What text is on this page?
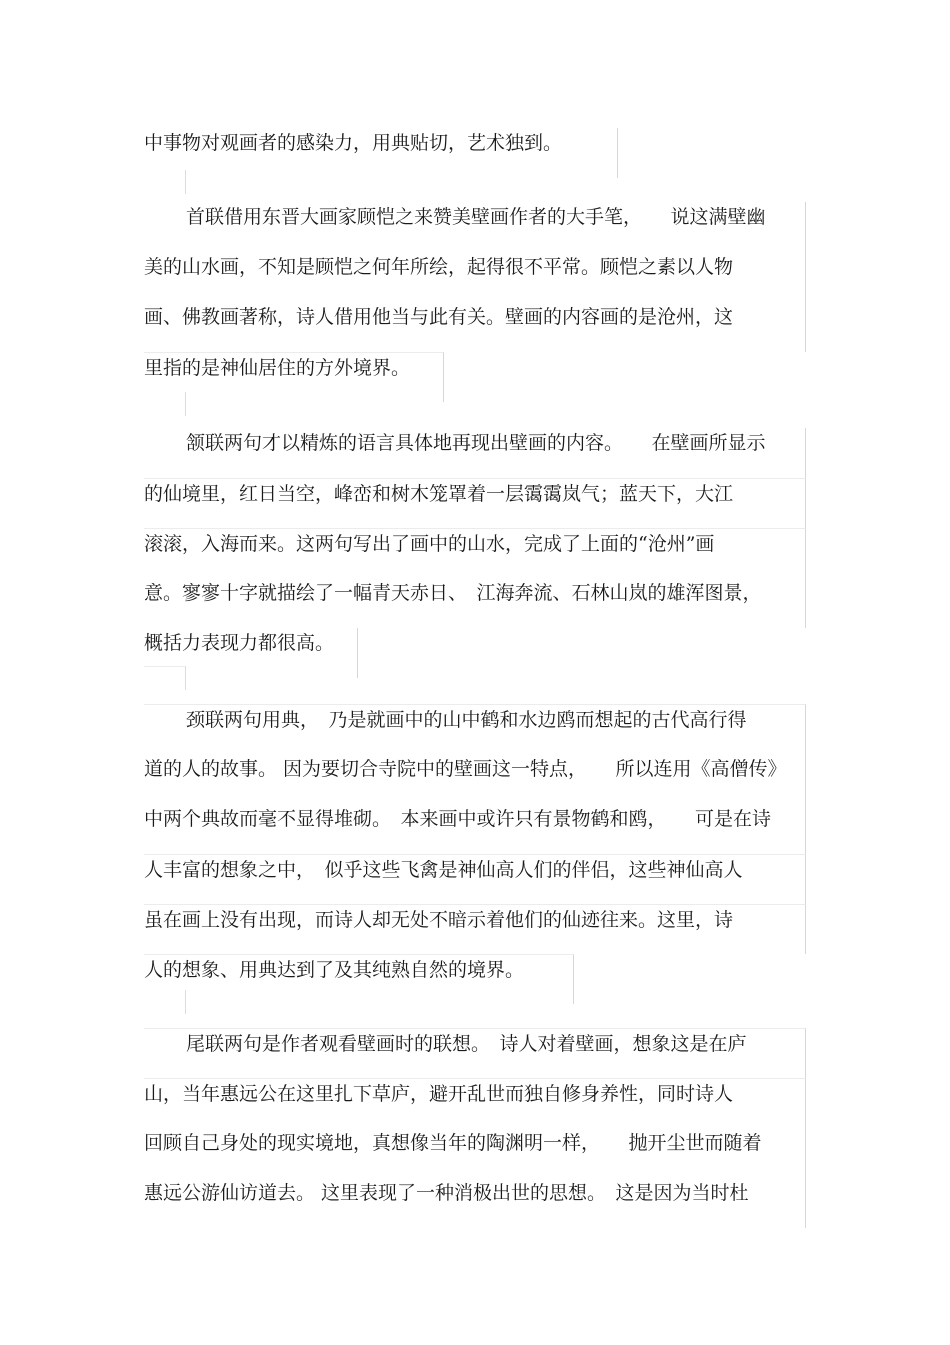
中事物对观画者的感染力，用典贴切，艺术独到。
首联借用东晋大画家顾恺之来赞美壁画作者的大手笔，　　说这满壁幽
美的山水画，不知是顾恺之何年所绘，起得很不平常。顾恺之素以人物
画、佛教画著称，诗人借用他当与此有关。壁画的内容画的是沧州，这
里指的是神仙居住的方外境界。
颔联两句才以精炼的语言具体地再现出壁画的内容。　　在壁画所显示
的仙境里，红日当空，峰峦和树木笼罩着一层霭霭岚气；蓝天下，大江
滚滚，入海而来。这两句写出了画中的山水，完成了上面的“沧州”画
意。寥寥十字就描绘了一幅青天赤日、　江海奔流、石林山岚的雄浑图景，
概括力表现力都很高。
颈联两句用典，　乃是就画中的山中鹤和水边鸥而想起的古代高行得
道的人的故事。 因为要切合寺院中的壁画这一特点，　　所以连用《高僧传》
中两个典故而毫不显得堆砌。　本来画中或许只有景物鹤和鸥，　　可是在诗
人丰富的想象之中，　似乎这些飞禽是神仙高人们的伴侣，这些神仙高人
虽在画上没有出现，而诗人却无处不暗示着他们的仙迹往来。这里，诗
人的想象、用典达到了及其纯熟自然的境界。
尾联两句是作者观看壁画时的联想。　诗人对着壁画，想象这是在庐
山，当年惠远公在这里扎下草庐，避开乱世而独自修身养性，同时诗人
回顾自己身处的现实境地，真想像当年的陶渊明一样，　　抛开尘世而随着
惠远公游仙访道去。 这里表现了一种消极出世的思想。　这是因为当时杜
